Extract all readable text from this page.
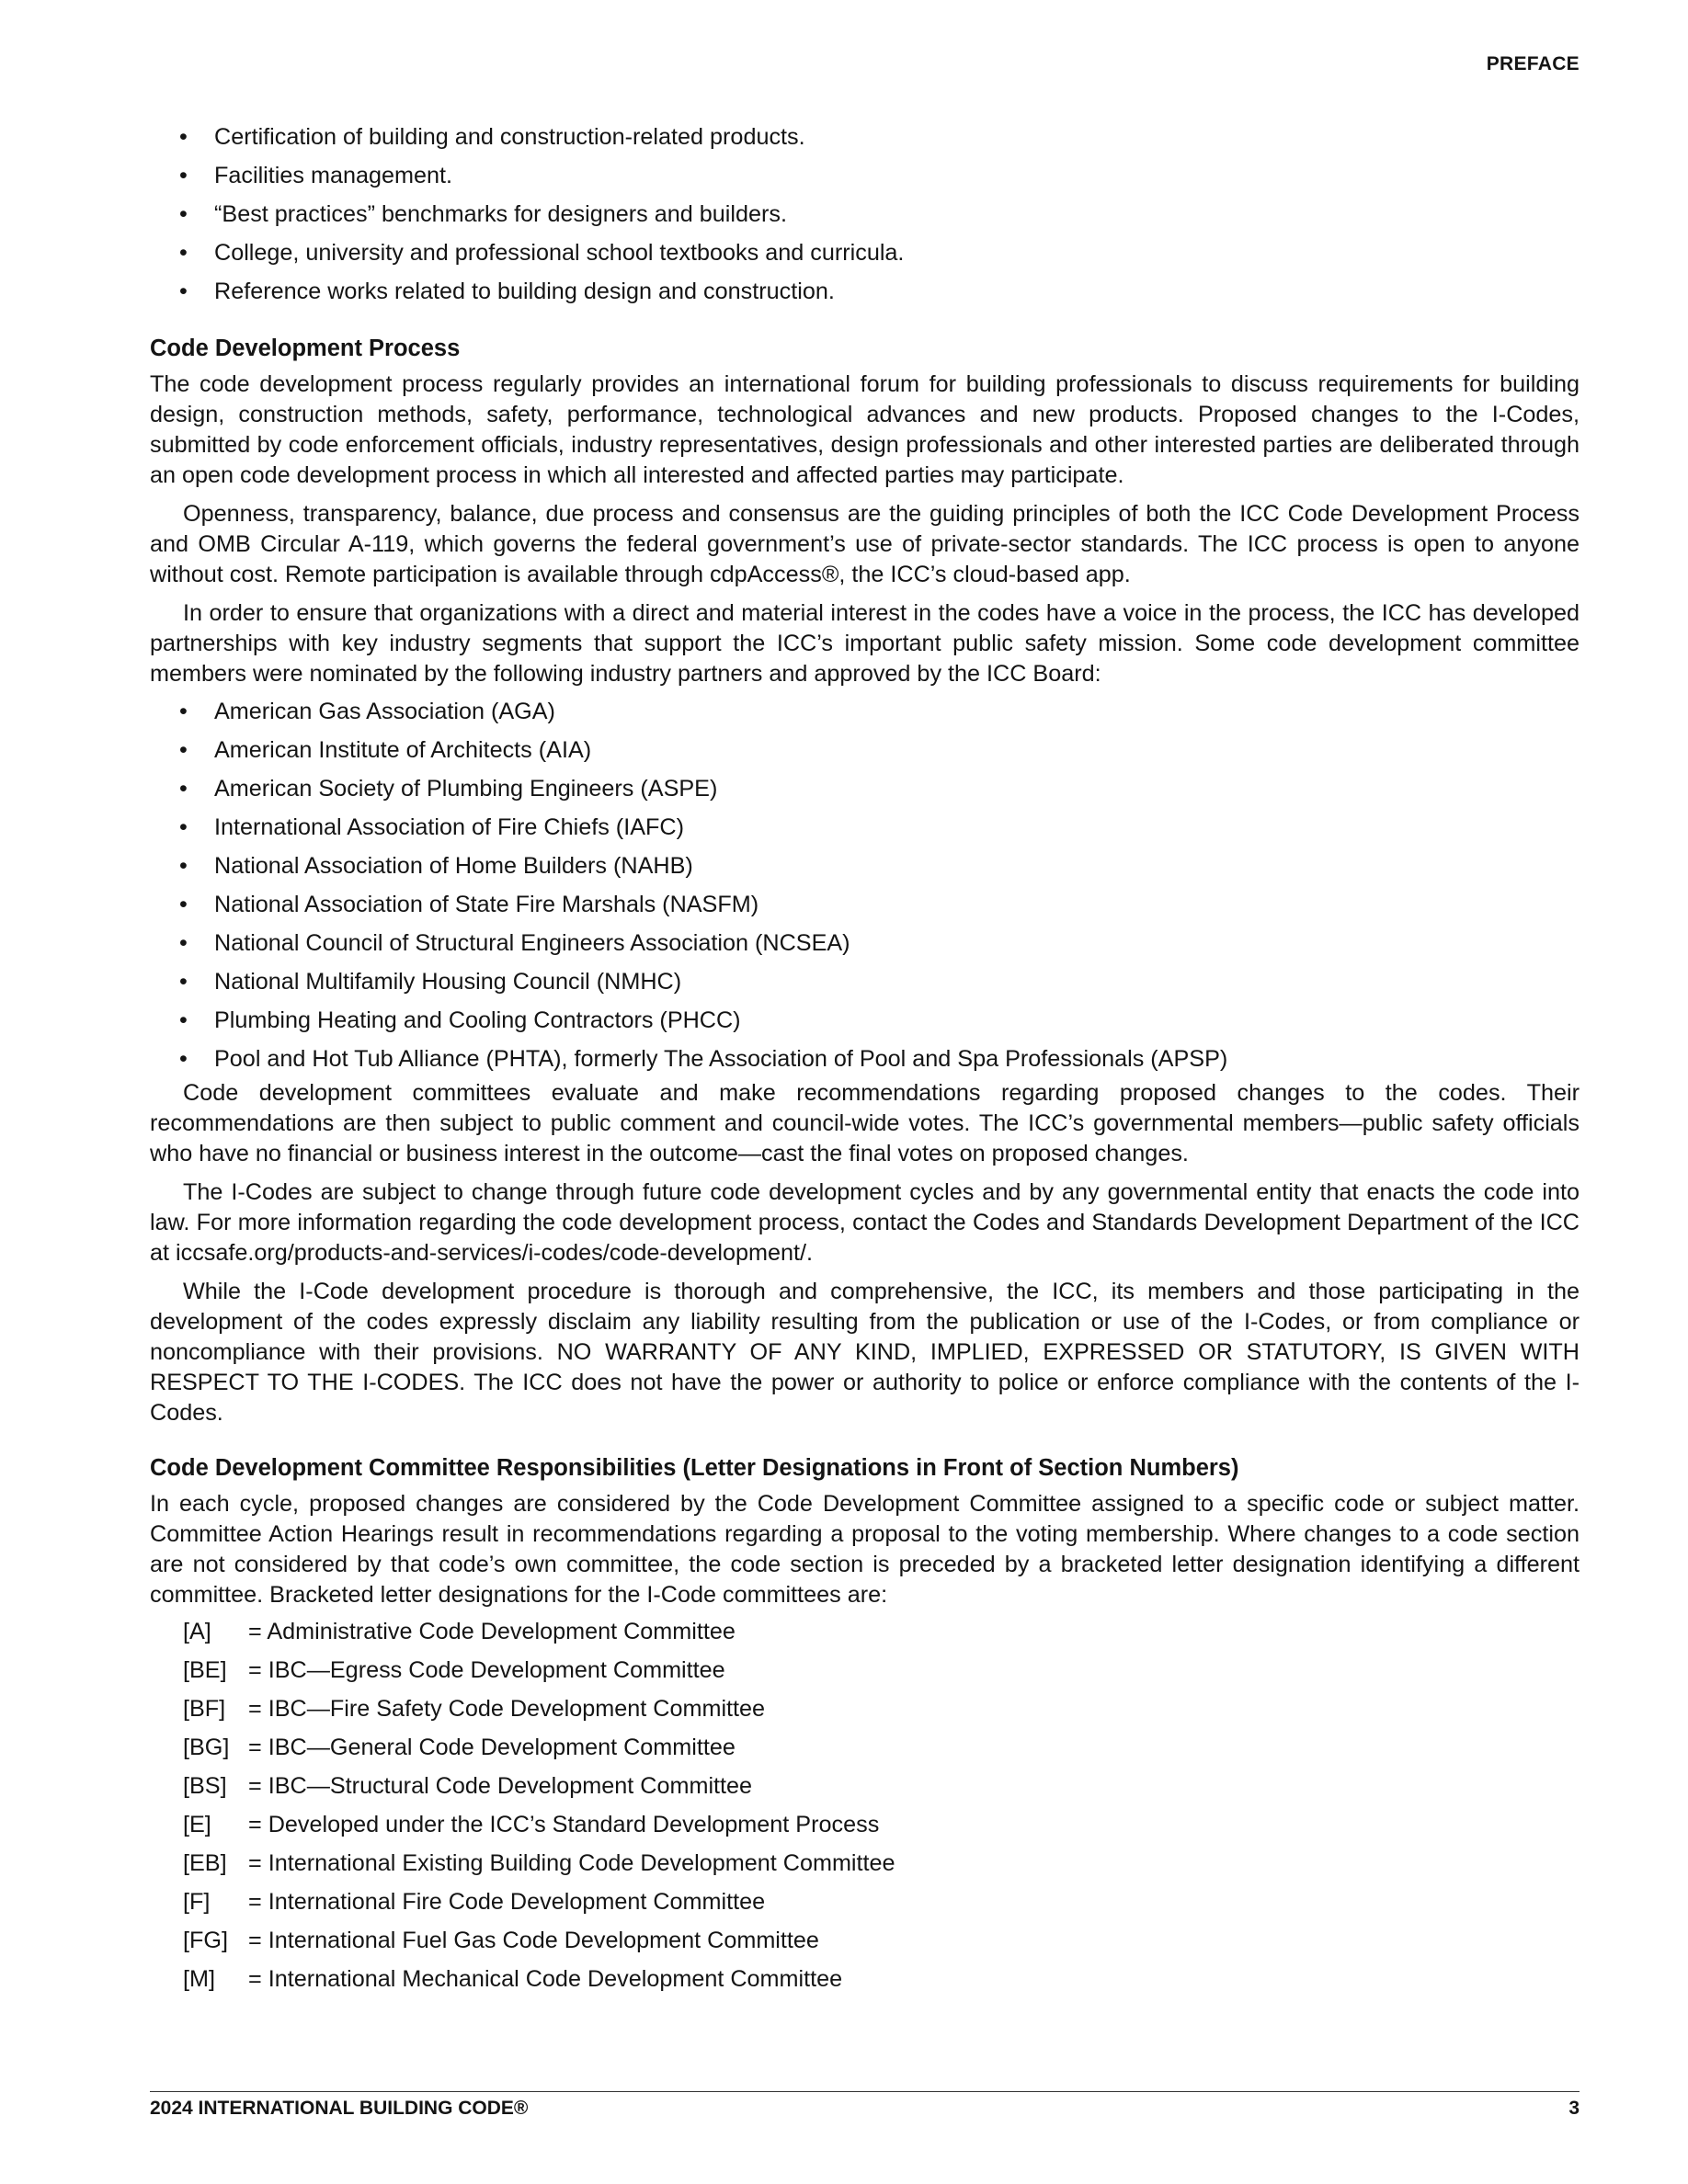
PREFACE
• Certification of building and construction-related products.
• Facilities management.
• “Best practices” benchmarks for designers and builders.
• College, university and professional school textbooks and curricula.
• Reference works related to building design and construction.
Code Development Process

The code development process regularly provides an international forum for building professionals to discuss requirements for building design, construction methods, safety, performance, technological advances and new products. Proposed changes to the I-Codes, submitted by code enforcement officials, industry representatives, design professionals and other interested parties are deliberated through an open code development process in which all interested and affected parties may participate.

Openness, transparency, balance, due process and consensus are the guiding principles of both the ICC Code Development Process and OMB Circular A-119, which governs the federal government’s use of private-sector standards. The ICC process is open to anyone without cost. Remote participation is available through cdpAccess®, the ICC’s cloud-based app.

In order to ensure that organizations with a direct and material interest in the codes have a voice in the process, the ICC has developed partnerships with key industry segments that support the ICC’s important public safety mission. Some code development committee members were nominated by the following industry partners and approved by the ICC Board:

• American Gas Association (AGA)
• American Institute of Architects (AIA)
• American Society of Plumbing Engineers (ASPE)
• International Association of Fire Chiefs (IAFC)
• National Association of Home Builders (NAHB)
• National Association of State Fire Marshals (NASFM)
• National Council of Structural Engineers Association (NCSEA)
• National Multifamily Housing Council (NMHC)
• Plumbing Heating and Cooling Contractors (PHCC)
• Pool and Hot Tub Alliance (PHTA), formerly The Association of Pool and Spa Professionals (APSP)

Code development committees evaluate and make recommendations regarding proposed changes to the codes. Their recommendations are then subject to public comment and council-wide votes. The ICC’s governmental members—public safety officials who have no financial or business interest in the outcome—cast the final votes on proposed changes.

The I-Codes are subject to change through future code development cycles and by any governmental entity that enacts the code into law. For more information regarding the code development process, contact the Codes and Standards Development Department of the ICC at iccsafe.org/products-and-services/i-codes/code-development/.

While the I-Code development procedure is thorough and comprehensive, the ICC, its members and those participating in the development of the codes expressly disclaim any liability resulting from the publication or use of the I-Codes, or from compliance or noncompliance with their provisions. NO WARRANTY OF ANY KIND, IMPLIED, EXPRESSED OR STATUTORY, IS GIVEN WITH RESPECT TO THE I-CODES. The ICC does not have the power or authority to police or enforce compliance with the contents of the I-Codes.

Code Development Committee Responsibilities (Letter Designations in Front of Section Numbers)

In each cycle, proposed changes are considered by the Code Development Committee assigned to a specific code or subject matter. Committee Action Hearings result in recommendations regarding a proposal to the voting membership. Where changes to a code section are not considered by that code’s own committee, the code section is preceded by a bracketed letter designation identifying a different committee. Bracketed letter designations for the I-Code committees are:

[A]	= Administrative Code Development Committee
[BE] = IBC—Egress Code Development Committee
[BF] = IBC—Fire Safety Code Development Committee
[BG] = IBC—General Code Development Committee
[BS] = IBC—Structural Code Development Committee
[E]	= Developed under the ICC’s Standard Development Process
[EB] = International Existing Building Code Development Committee
[F]	= International Fire Code Development Committee
[FG] = International Fuel Gas Code Development Committee
[M]	= International Mechanical Code Development Committee
2024 INTERNATIONAL BUILDING CODE®	3
